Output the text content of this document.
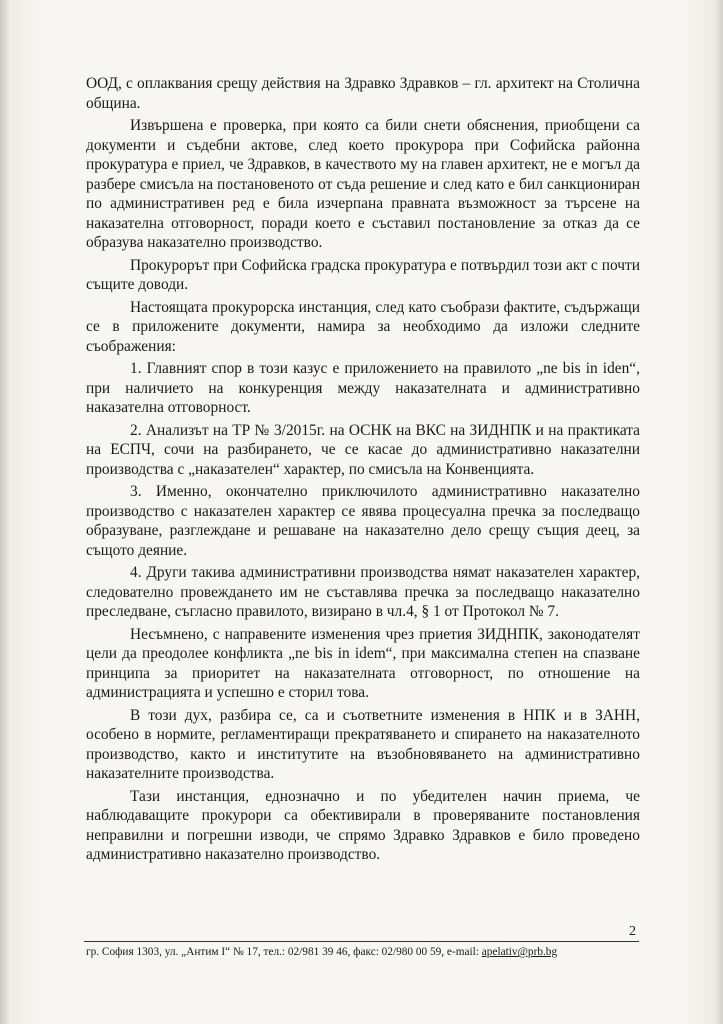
ООД, с оплаквания срещу действия на Здравко Здравков – гл. архитект на Столична община.

Извършена е проверка, при която са били снети обяснения, приобщени са документи и съдебни актове, след което прокурора при Софийска районна прокуратура е приел, че Здравков, в качеството му на главен архитект, не е могъл да разбере смисъла на постановеното от съда решение и след като е бил санкциониран по административен ред е била изчерпана правната възможност за търсене на наказателна отговорност, поради което е съставил постановление за отказ да се образува наказателно производство.

Прокурорът при Софийска градска прокуратура е потвърдил този акт с почти същите доводи.

Настоящата прокурорска инстанция, след като съобрази фактите, съдържащи се в приложените документи, намира за необходимо да изложи следните съображения:

1. Главният спор в този казус е приложението на правилото „ne bis in iden“, при наличието на конкуренция между наказателната и административно наказателна отговорност.

2. Анализът на ТР № 3/2015г. на ОСНК на ВКС на ЗИДНПК и на практиката на ЕСПЧ, сочи на разбирането, че се касае до административно наказателни производства с „наказателен“ характер, по смисъла на Конвенцията.

3. Именно, окончателно приключилото административно наказателно производство с наказателен характер се явява процесуална пречка за последващо образуване, разглеждане и решаване на наказателно дело срещу същия деец, за същото деяние.

4. Други такива административни производства нямат наказателен характер, следователно провеждането им не съставлява пречка за последващо наказателно преследване, съгласно правилото, визирано в чл.4, § 1 от Протокол № 7.

Несъмнено, с направените изменения чрез приетия ЗИДНПК, законодателят цели да преодолее конфликта „ne bis in idem“, при максимална степен на спазване принципа за приоритет на наказателната отговорност, по отношение на администрацията и успешно е сторил това.

В този дух, разбира се, са и съответните изменения в НПК и в ЗАНН, особено в нормите, регламентиращи прекратяването и спирането на наказателното производство, както и институтите на възобновяването на административно наказателните производства.

Тази инстанция, еднозначно и по убедителен начин приема, че наблюдаващите прокурори са обективирали в проверяваните постановления неправилни и погрешни изводи, че спрямо Здравко Здравков е било проведено административно наказателно производство.

2
гр. София 1303, ул. „Антим I“ № 17, тел.: 02/981 39 46, факс: 02/980 00 59, e-mail: apelativ@prb.bg
